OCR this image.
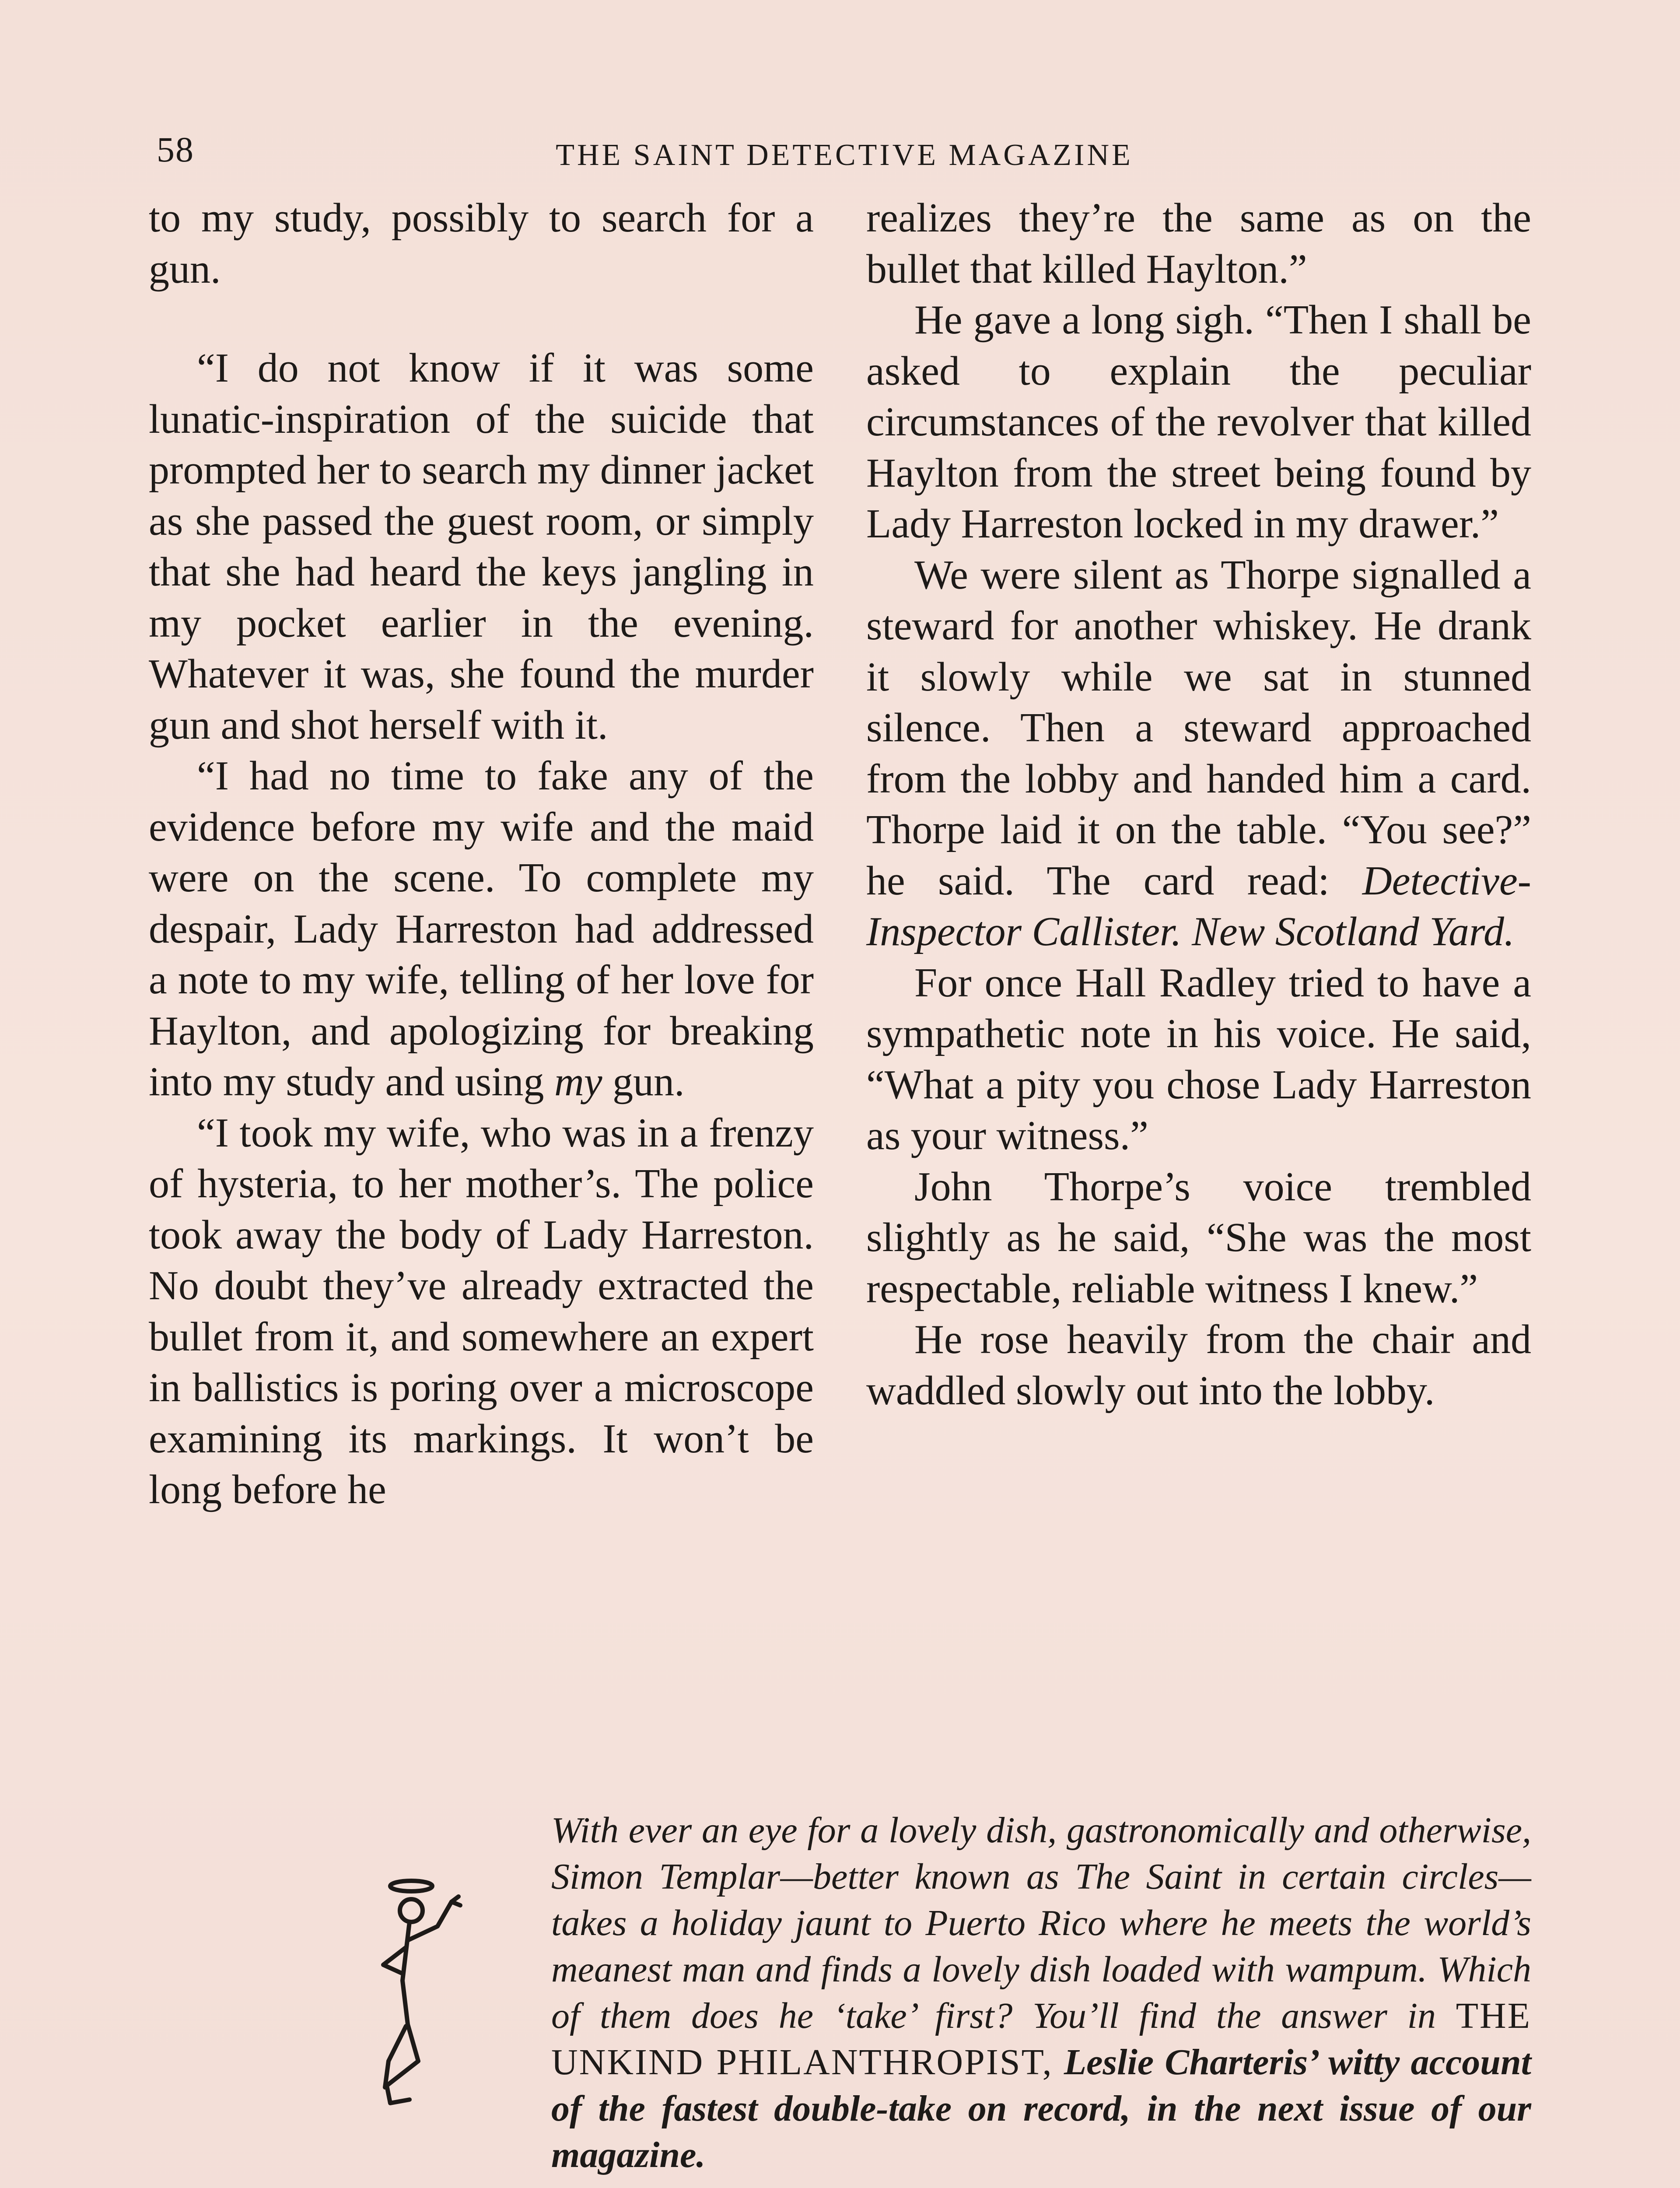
58	THE SAINT DETECTIVE MAGAZINE

to my study, possibly to search for a gun.

“I do not know if it was some lunatic-inspiration of the suicide that prompted her to search my dinner jacket as she passed the guest room, or simply that she had heard the keys jangling in my pocket earlier in the evening. Whatever it was, she found the murder gun and shot herself with it.

“I had no time to fake any of the evidence before my wife and the maid were on the scene. To complete my despair, Lady Harreston had addressed a note to my wife, telling of her love for Haylton, and apologizing for breaking into my study and using my gun.

“I took my wife, who was in a frenzy of hysteria, to her mother’s. The police took away the body of Lady Harreston. No doubt they’ve already extracted the bullet from it, and somewhere an expert in ballistics is poring over a microscope examining its markings. It won’t be long before he

realizes they’re the same as on the bullet that killed Haylton.”

He gave a long sigh. “Then I shall be asked to explain the peculiar circumstances of the revolver that killed Haylton from the street being found by Lady Harreston locked in my drawer.”

We were silent as Thorpe signalled a steward for another whiskey. He drank it slowly while we sat in stunned silence. Then a steward approached from the lobby and handed him a card. Thorpe laid it on the table. “You see?” he said. The card read: Detective-Inspector Callister. New Scotland Yard.

For once Hall Radley tried to have a sympathetic note in his voice. He said, “What a pity you chose Lady Harreston as your witness.”

John Thorpe’s voice trembled slightly as he said, “She was the most respectable, reliable witness I knew.”

He rose heavily from the chair and waddled slowly out into the lobby.

With ever an eye for a lovely dish, gastronomically and otherwise, Simon Templar—better known as The Saint in certain circles—takes a holiday jaunt to Puerto Rico where he meets the world’s meanest man and finds a lovely dish loaded with wampum. Which of them does he ‘take’ first? You’ll find the answer in THE UNKIND PHILANTHROPIST, Leslie Charteris’ witty account of the fastest double-take on record, in the next issue of our magazine.
